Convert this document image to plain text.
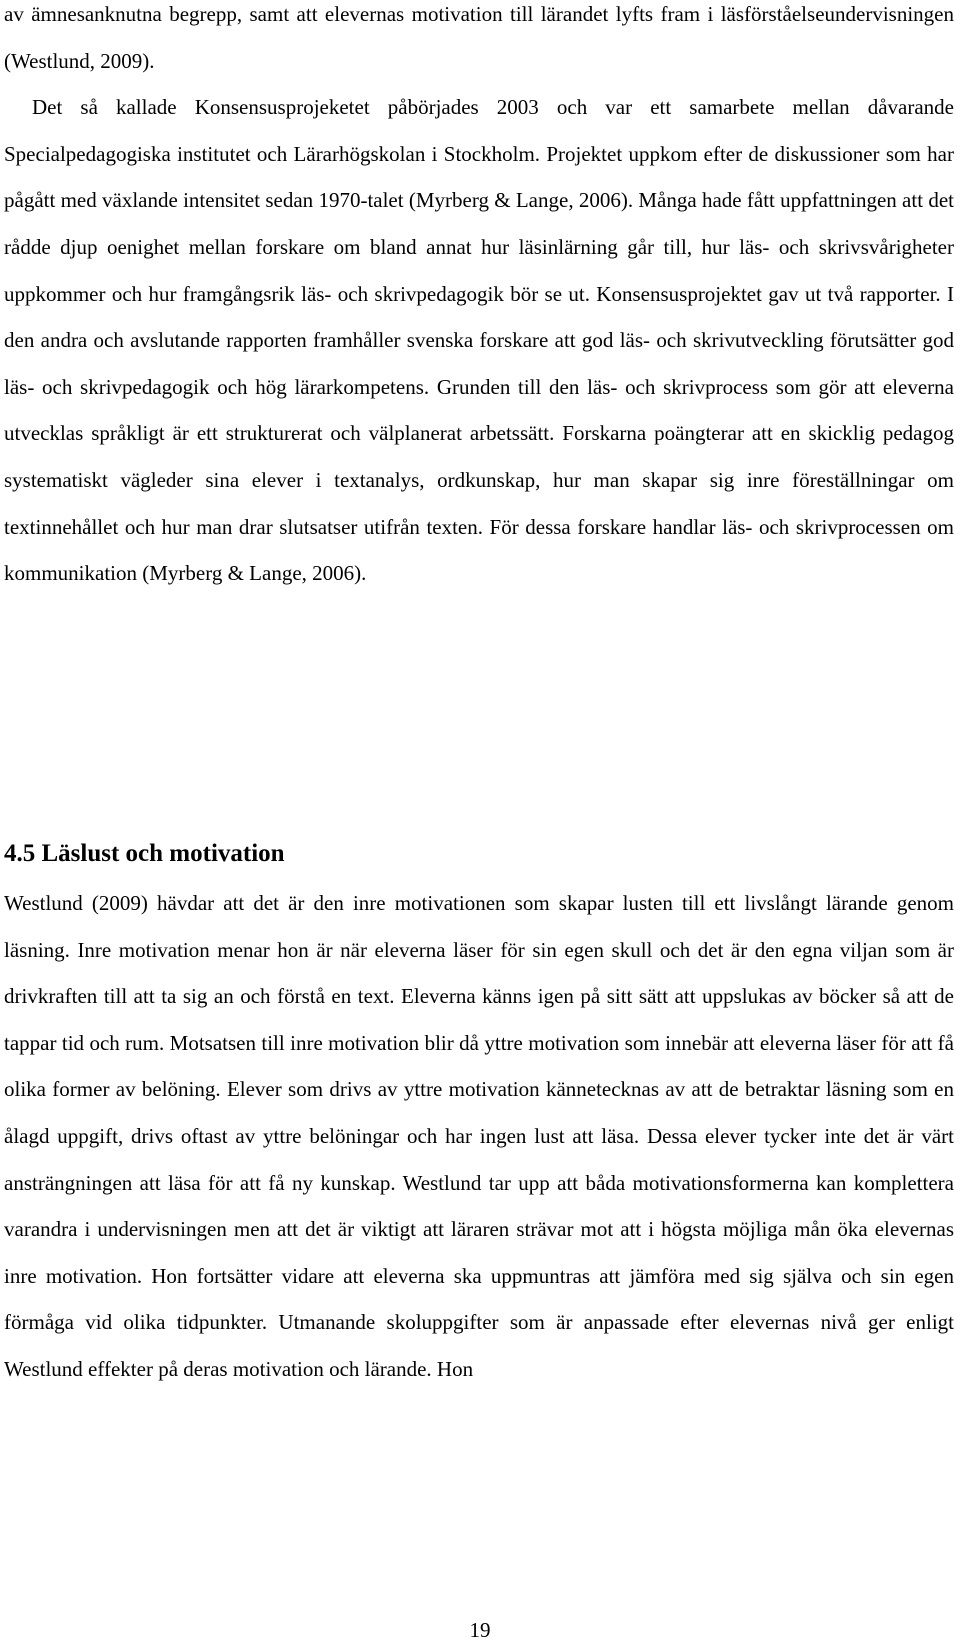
av ämnesanknutna begrepp, samt att elevernas motivation till lärandet lyfts fram i läsförståelseundervisningen (Westlund, 2009).

Det så kallade Konsensusprojeketet påbörjades 2003 och var ett samarbete mellan dåvarande Specialpedagogiska institutet och Lärarhögskolan i Stockholm. Projektet uppkom efter de diskussioner som har pågått med växlande intensitet sedan 1970-talet (Myrberg & Lange, 2006). Många hade fått uppfattningen att det rådde djup oenighet mellan forskare om bland annat hur läsinlärning går till, hur läs- och skrivsvårigheter uppkommer och hur framgångsrik läs- och skrivpedagogik bör se ut. Konsensusprojektet gav ut två rapporter. I den andra och avslutande rapporten framhåller svenska forskare att god läs- och skrivutveckling förutsätter god läs- och skrivpedagogik och hög lärarkompetens. Grunden till den läs- och skrivprocess som gör att eleverna utvecklas språkligt är ett strukturerat och välplanerat arbetssätt. Forskarna poängterar att en skicklig pedagog systematiskt vägleder sina elever i textanalys, ordkunskap, hur man skapar sig inre föreställningar om textinnehållet och hur man drar slutsatser utifrån texten. För dessa forskare handlar läs- och skrivprocessen om kommunikation (Myrberg & Lange, 2006).

4.5 Läslust och motivation

Westlund (2009) hävdar att det är den inre motivationen som skapar lusten till ett livslångt lärande genom läsning. Inre motivation menar hon är när eleverna läser för sin egen skull och det är den egna viljan som är drivkraften till att ta sig an och förstå en text. Eleverna känns igen på sitt sätt att uppslukas av böcker så att de tappar tid och rum. Motsatsen till inre motivation blir då yttre motivation som innebär att eleverna läser för att få olika former av belöning. Elever som drivs av yttre motivation kännetecknas av att de betraktar läsning som en ålagd uppgift, drivs oftast av yttre belöningar och har ingen lust att läsa. Dessa elever tycker inte det är värt ansträngningen att läsa för att få ny kunskap. Westlund tar upp att båda motivationsformerna kan komplettera varandra i undervisningen men att det är viktigt att läraren strävar mot att i högsta möjliga mån öka elevernas inre motivation. Hon fortsätter vidare att eleverna ska uppmuntras att jämföra med sig själva och sin egen förmåga vid olika tidpunkter. Utmanande skoluppgifter som är anpassade efter elevernas nivå ger enligt Westlund effekter på deras motivation och lärande. Hon

19
